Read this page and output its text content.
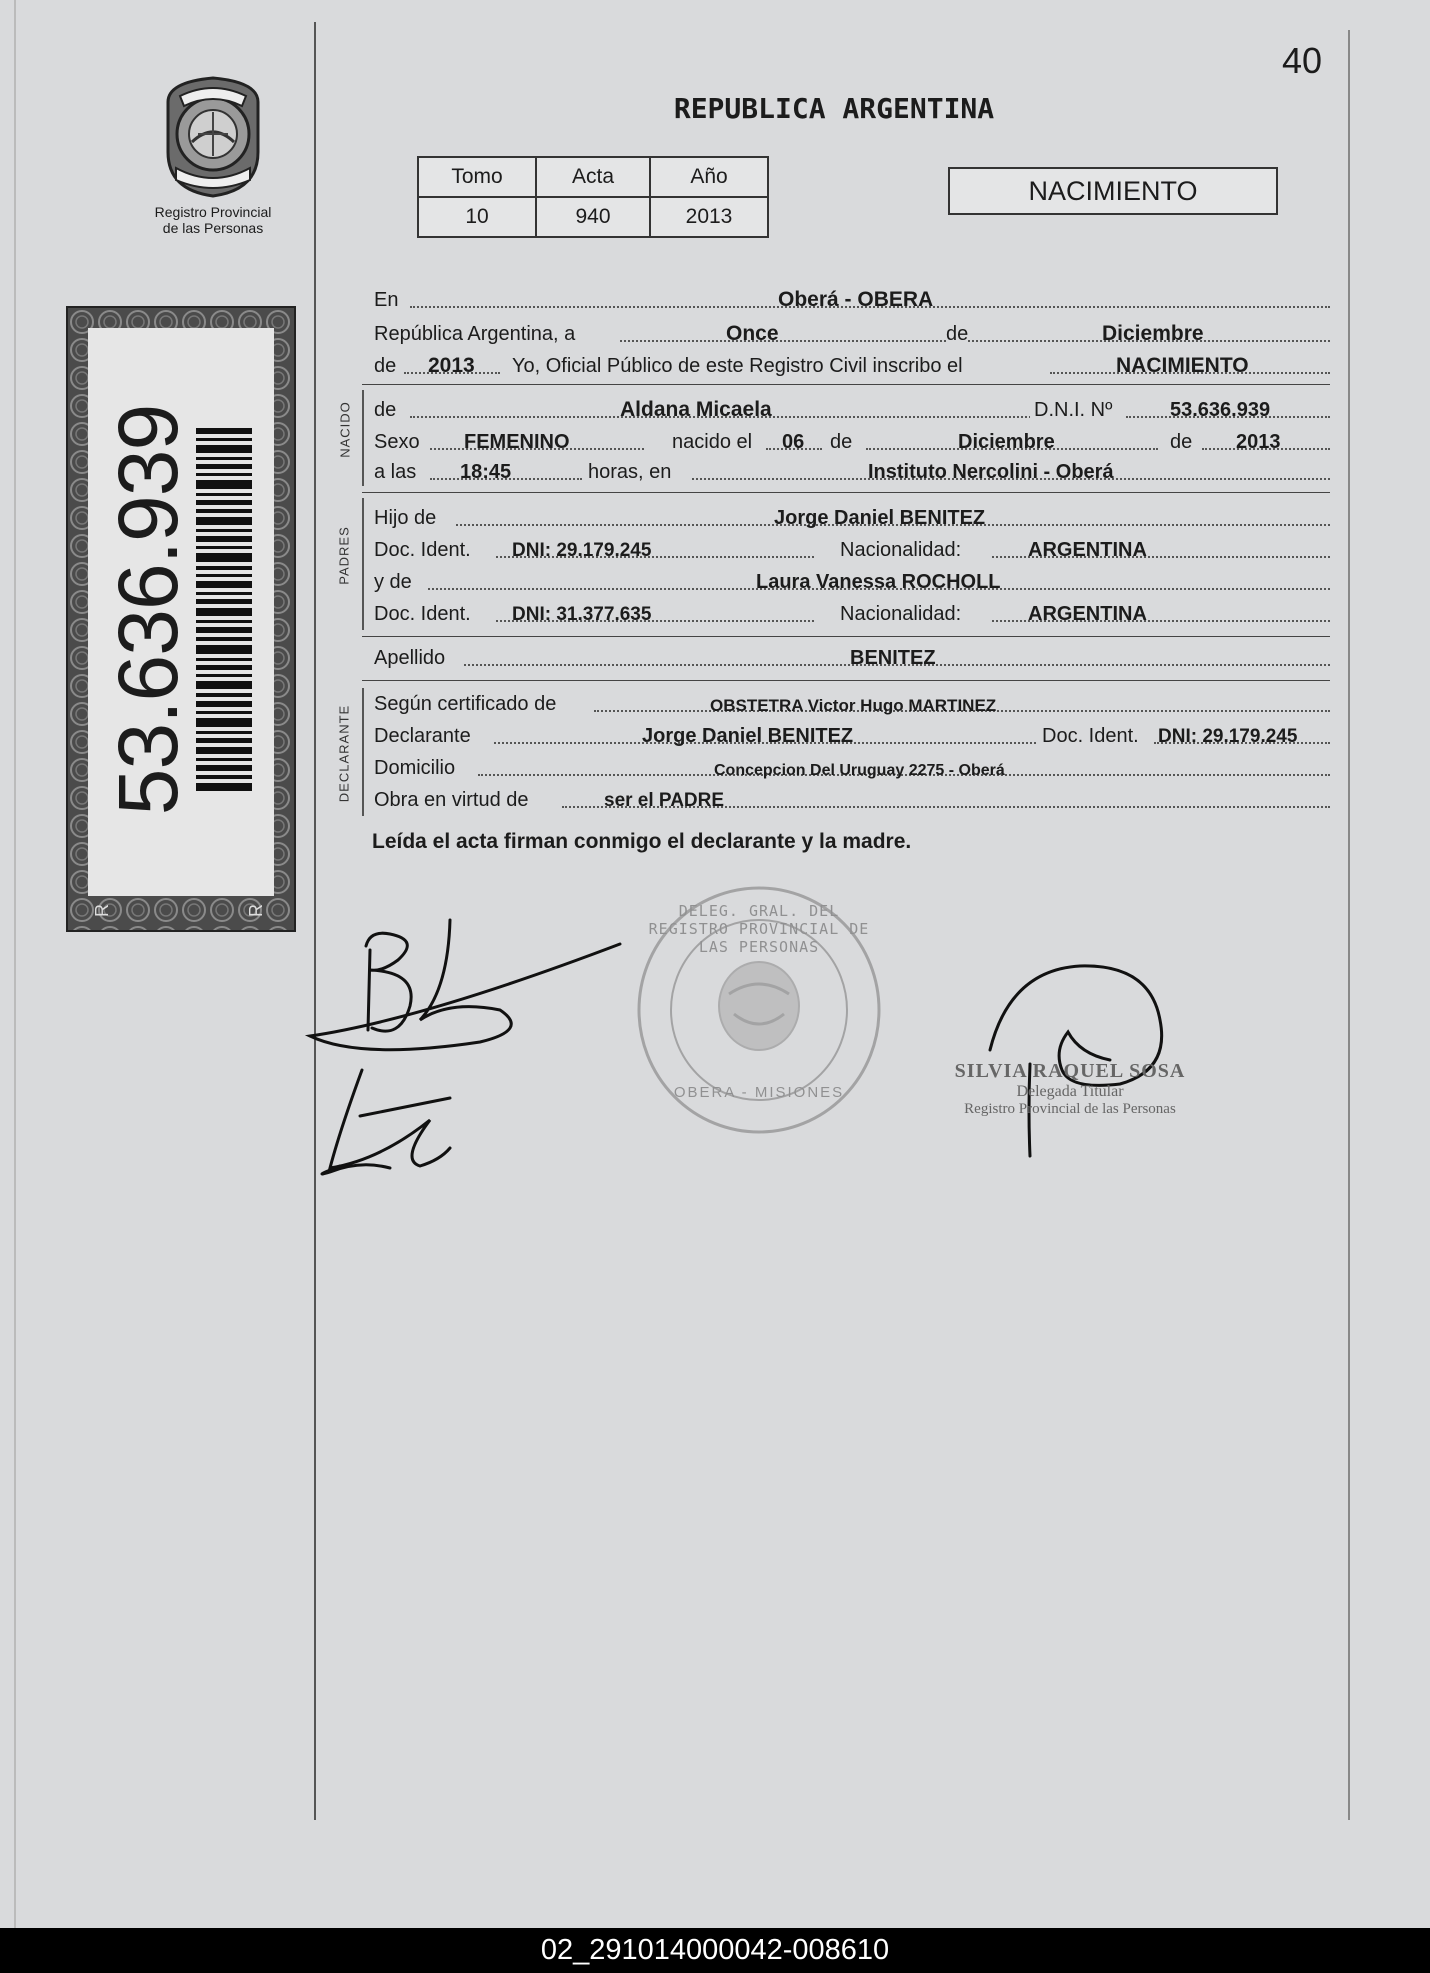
40
Registro Provincial
de las Personas
53.636.939
R	R
REPUBLICA ARGENTINA
Tomo	Acta	Año
10	940	2013
NACIMIENTO
En	Oberá - OBERA
República Argentina, a	Once	de	Diciembre
de 2013 Yo, Oficial Público de este Registro Civil inscribo el	NACIMIENTO
NACIDO de	Aldana Micaela	D.N.I. Nº	53.636.939
Sexo FEMENINO	nacido el 06 de	Diciembre	de 2013
a las 18:45	horas, en	Instituto Nercolini - Oberá
PADRES
Hijo de	Jorge Daniel BENITEZ
Doc. Ident. DNI: 29.179.245	Nacionalidad:	ARGENTINA
y de	Laura Vanessa ROCHOLL
Doc. Ident. DNI: 31.377.635	Nacionalidad:	ARGENTINA
Apellido	BENITEZ
DECLARANTE
Según certificado de	OBSTETRA Victor Hugo MARTINEZ
Declarante	Jorge Daniel BENITEZ	Doc. Ident. DNI: 29.179.245
Domicilio	Concepcion Del Uruguay 2275 - Oberá
Obra en virtud de	ser el PADRE
Leída el acta firman conmigo el declarante y la madre.
DELEG. GRAL. DEL REGISTRO PROVINCIAL DE LAS PERSONAS
OBERA - MISIONES
SILVIA RAQUEL SOSA
Delegada Titular
Registro Provincial de las Personas
02_291014000042-008610
